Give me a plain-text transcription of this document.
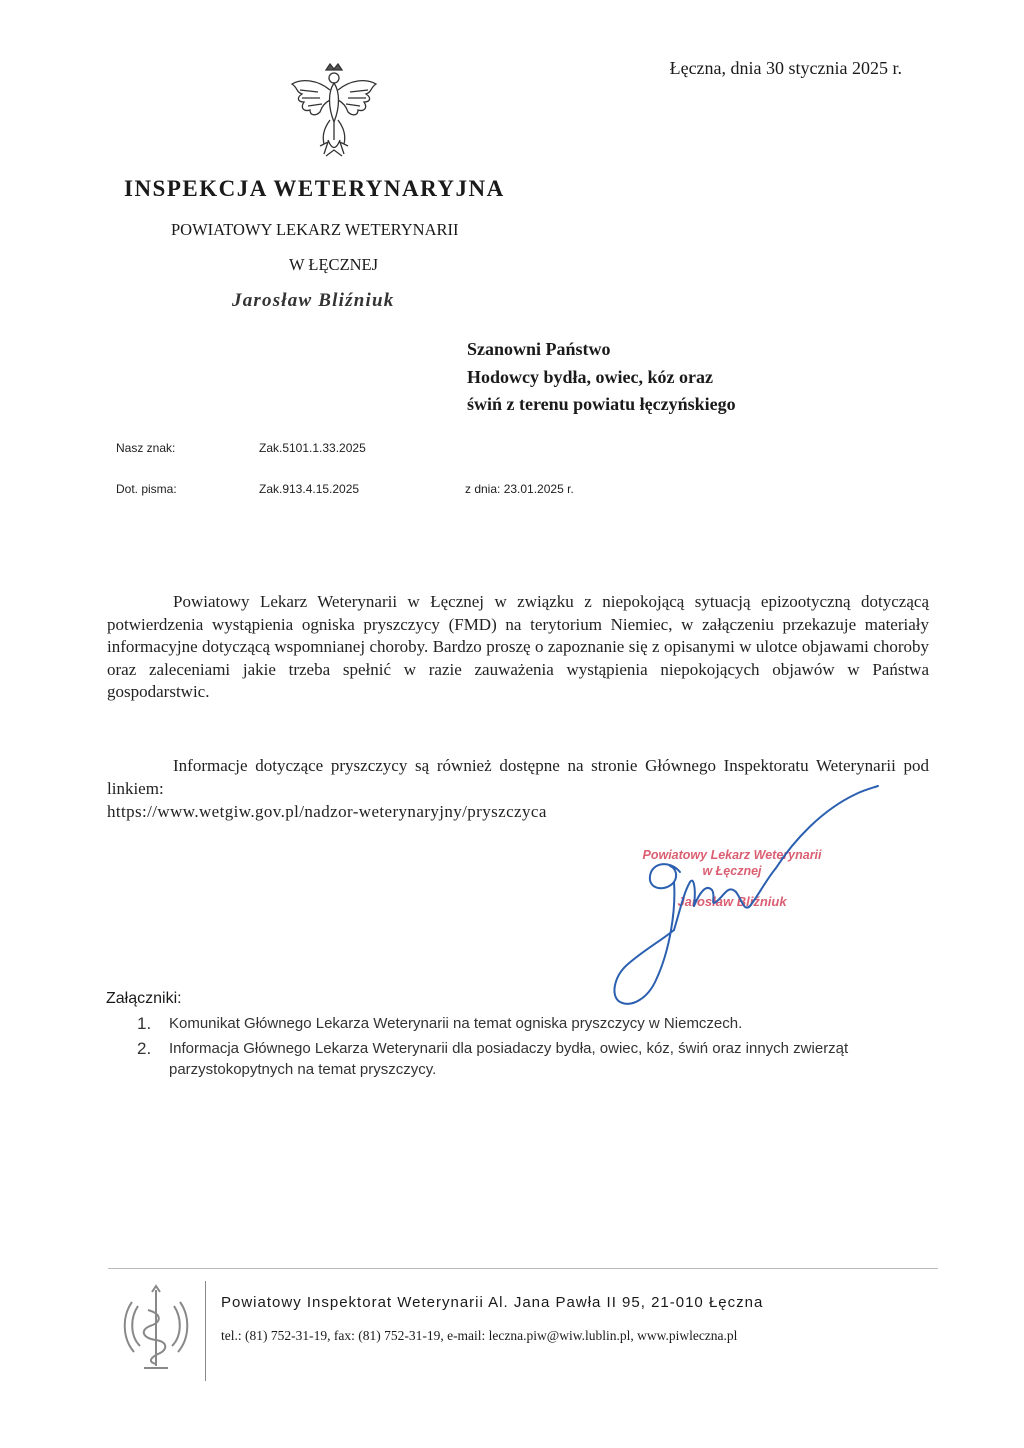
Łęczna, dnia 30 stycznia 2025 r.
INSPEKCJA WETERYNARYJNA
POWIATOWY LEKARZ WETERYNARII
W ŁĘCZNEJ
Jarosław Bliźniuk
Szanowni Państwo
Hodowcy bydła, owiec, kóz oraz
świń z terenu powiatu łęczyńskiego
Nasz znak:	Zak.5101.1.33.2025
Dot. pisma:	Zak.913.4.15.2025	z dnia: 23.01.2025 r.
Powiatowy Lekarz Weterynarii w Łęcznej w związku z niepokojącą sytuacją epizootyczną dotyczącą potwierdzenia wystąpienia ogniska pryszczycy (FMD) na terytorium Niemiec, w załączeniu przekazuje materiały informacyjne dotyczącą wspomnianej choroby. Bardzo proszę o zapoznanie się z opisanymi w ulotce objawami choroby oraz zaleceniami jakie trzeba spełnić w razie zauważenia wystąpienia niepokojących objawów w Państwa gospodarstwic.
Informacje dotyczące pryszczycy są również dostępne na stronie Głównego Inspektoratu Weterynarii pod linkiem:
https://www.wetgiw.gov.pl/nadzor-weterynaryjny/pryszczyca
Powiatowy Lekarz Weterynarii
w Łęcznej
Jarosław Bliźniuk
Załączniki:
1.	Komunikat Głównego Lekarza Weterynarii na temat ogniska pryszczycy w Niemczech.
2.	Informacja Głównego Lekarza Weterynarii dla posiadaczy bydła, owiec, kóz, świń oraz innych zwierząt parzystokopytnych na temat pryszczycy.
Powiatowy Inspektorat Weterynarii Al. Jana Pawła II 95, 21-010 Łęczna
tel.: (81) 752-31-19, fax: (81) 752-31-19, e-mail: leczna.piw@wiw.lublin.pl, www.piwleczna.pl
